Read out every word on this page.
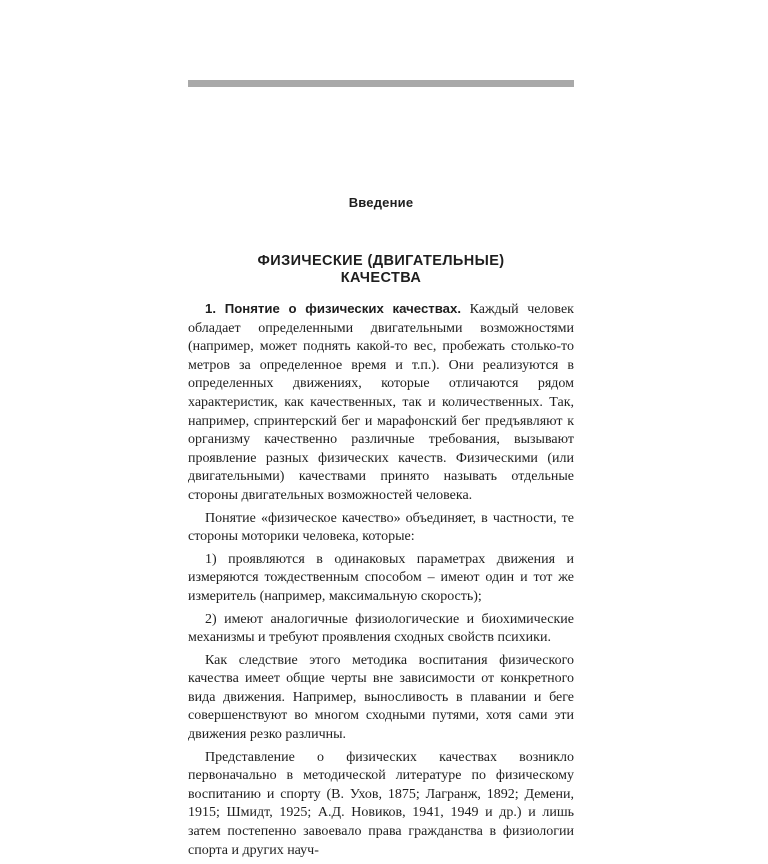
Введение
ФИЗИЧЕСКИЕ (ДВИГАТЕЛЬНЫЕ)
КАЧЕСТВА

1. Понятие о физических качествах. Каждый человек обладает определенными двигательными возможностями (например, может поднять какой-то вес, пробежать столько-то метров за определенное время и т.п.). Они реализуются в определенных движениях, которые отличаются рядом характеристик, как качественных, так и количественных. Так, например, спринтерский бег и марафонский бег предъявляют к организму качественно различные требования, вызывают проявление разных физических качеств. Физическими (или двигательными) качествами принято называть отдельные стороны двигательных возможностей человека.

Понятие «физическое качество» объединяет, в частности, те стороны моторики человека, которые:

1) проявляются в одинаковых параметрах движения и измеряются тождественным способом – имеют один и тот же измеритель (например, максимальную скорость);

2) имеют аналогичные физиологические и биохимические механизмы и требуют проявления сходных свойств психики.

Как следствие этого методика воспитания физического качества имеет общие черты вне зависимости от конкретного вида движения. Например, выносливость в плавании и беге совершенствуют во многом сходными путями, хотя сами эти движения резко различны.

Представление о физических качествах возникло первоначально в методической литературе по физическому воспитанию и спорту (В. Ухов, 1875; Лагранж, 1892; Демени, 1915; Шмидт, 1925; А.Д. Новиков, 1941, 1949 и др.) и лишь затем постепенно завоевало права гражданства в физиологии спорта и других науч-
